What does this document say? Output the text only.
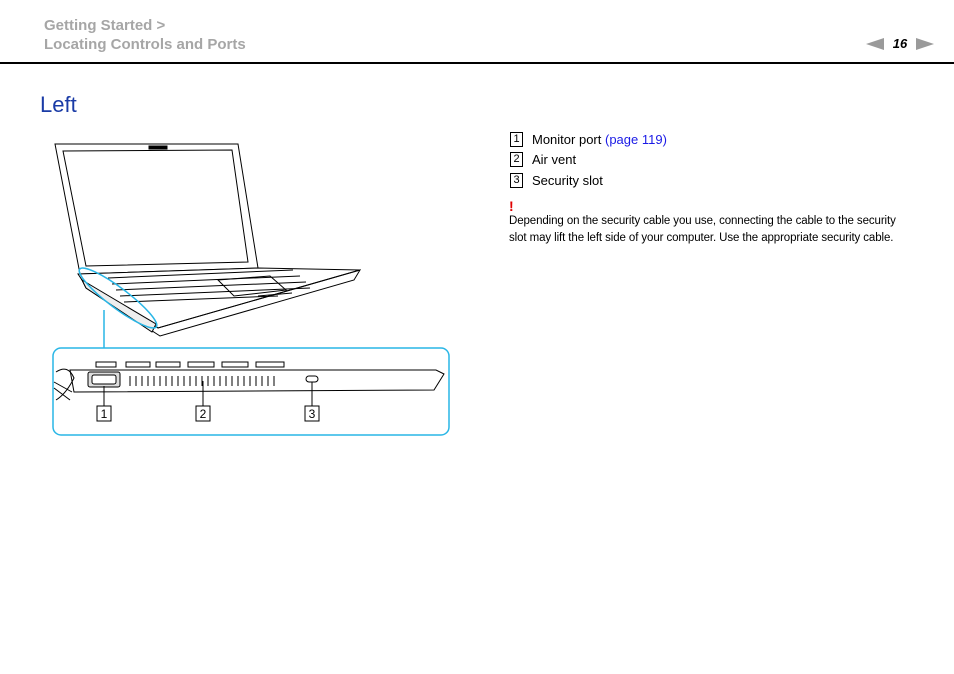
Getting Started >
Locating Controls and Ports	16
Left
1	2	3
1 Monitor port
(page 119)
2 Air vent
3 Security slot
!
Depending on the security cable you use, connecting the cable to the security slot may lift the left side of your computer. Use the appropriate security cable.
